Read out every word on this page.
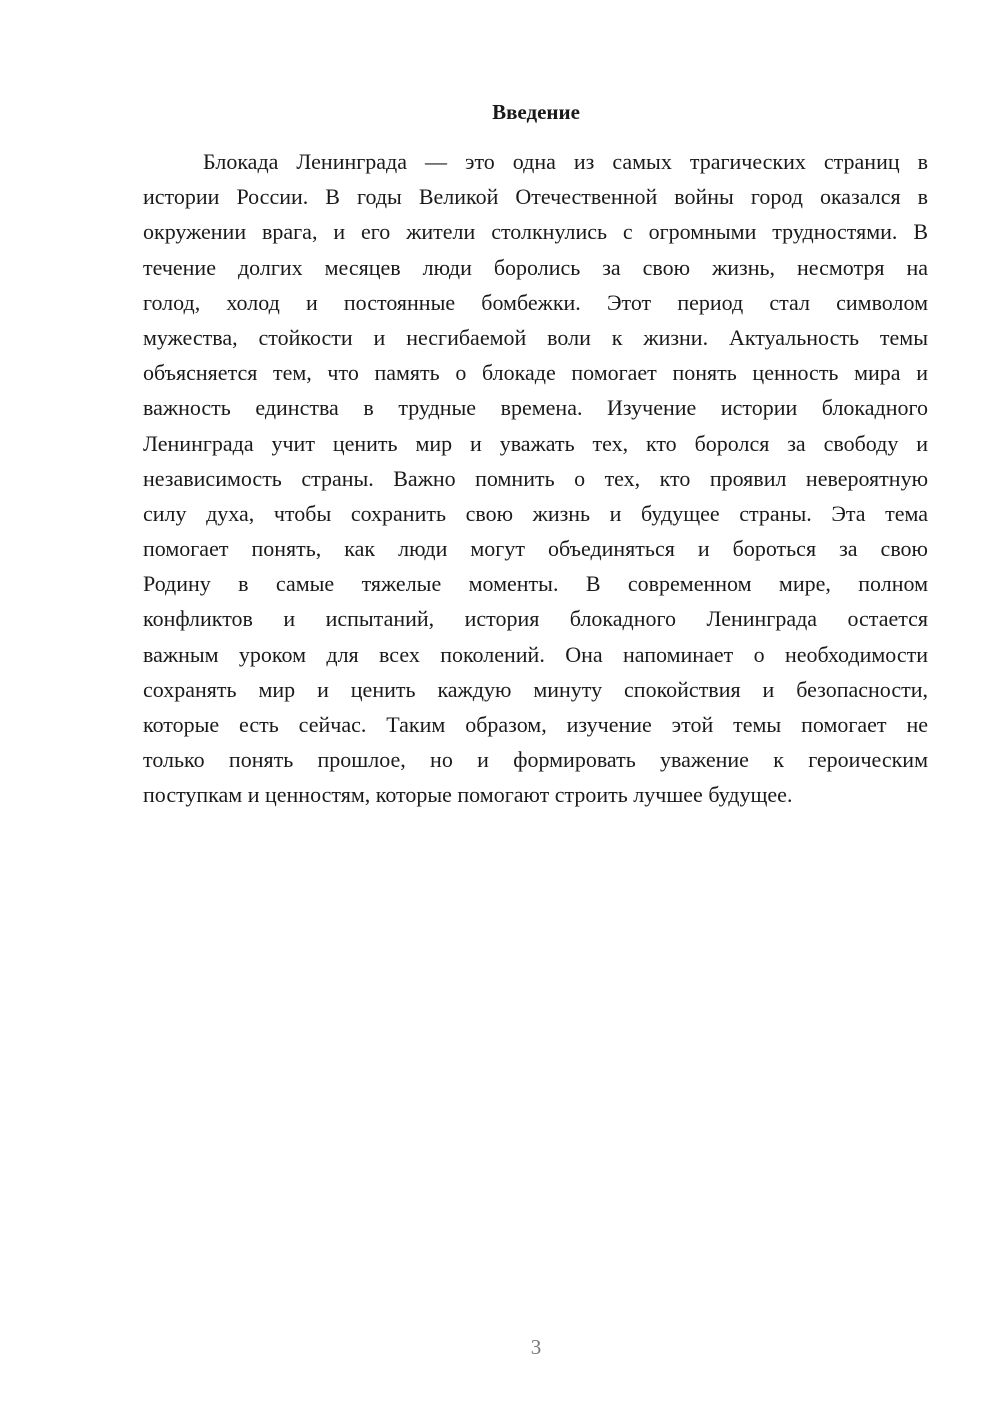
Введение
Блокада Ленинграда — это одна из самых трагических страниц в
истории России. В годы Великой Отечественной войны город оказался в
окружении врага, и его жители столкнулись с огромными трудностями. В
течение долгих месяцев люди боролись за свою жизнь, несмотря на
голод, холод и постоянные бомбежки. Этот период стал символом
мужества, стойкости и несгибаемой воли к жизни. Актуальность темы
объясняется тем, что память о блокаде помогает понять ценность мира и
важность единства в трудные времена. Изучение истории блокадного
Ленинграда учит ценить мир и уважать тех, кто боролся за свободу и
независимость страны. Важно помнить о тех, кто проявил невероятную
силу духа, чтобы сохранить свою жизнь и будущее страны. Эта тема
помогает понять, как люди могут объединяться и бороться за свою
Родину в самые тяжелые моменты. В современном мире, полном
конфликтов и испытаний, история блокадного Ленинграда остается
важным уроком для всех поколений. Она напоминает о необходимости
сохранять мир и ценить каждую минуту спокойствия и безопасности,
которые есть сейчас. Таким образом, изучение этой темы помогает не
только понять прошлое, но и формировать уважение к героическим
поступкам и ценностям, которые помогают строить лучшее будущее.
3
